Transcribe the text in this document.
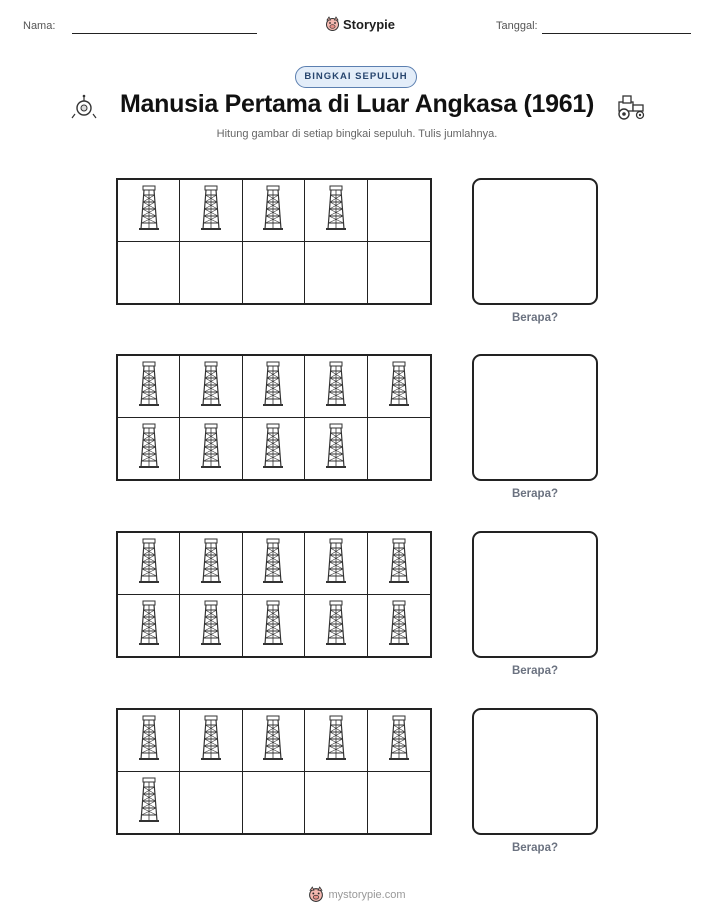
Nama:	Storypie	Tanggal:
BINGKAI SEPULUH
Manusia Pertama di Luar Angkasa (1961)
Hitung gambar di setiap bingkai sepuluh. Tulis jumlahnya.
Berapa?
Berapa?
Berapa?
Berapa?
mystorypie.com
